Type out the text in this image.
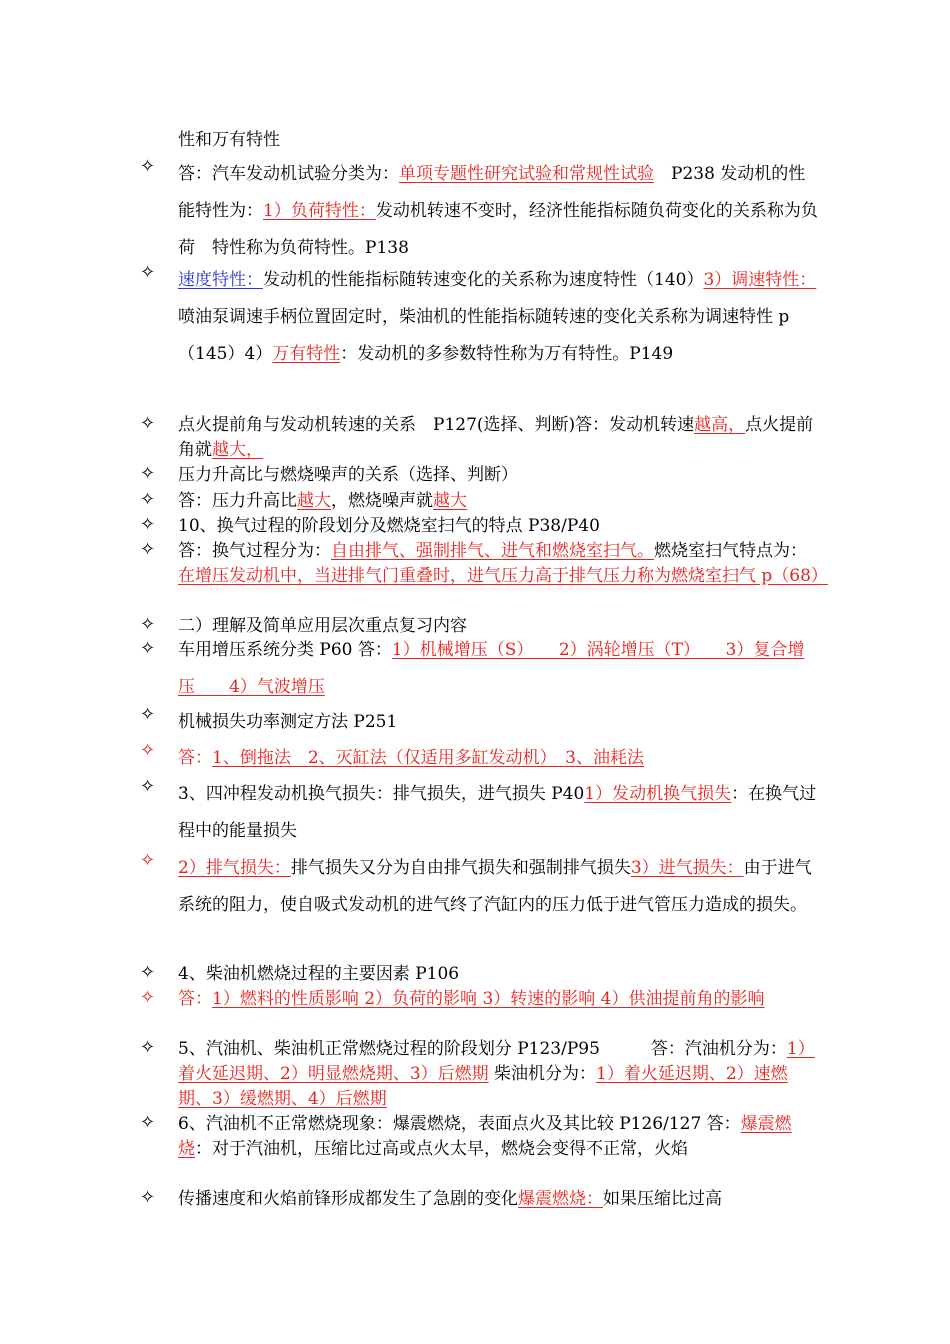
性和万有特性
✧	答：汽车发动机试验分类为：单项专题性研究试验和常规性试验　P238 发动机的性能特性为：1）负荷特性：发动机转速不变时，经济性能指标随负荷变化的关系称为负荷　特性称为负荷特性。P138
✧	速度特性：发动机的性能指标随转速变化的关系称为速度特性（140）3）调速特性：喷油泵调速手柄位置固定时，柴油机的性能指标随转速的变化关系称为调速特性 p（145）4）万有特性：发动机的多参数特性称为万有特性。P149
✧	点火提前角与发动机转速的关系　P127(选择、判断)答：发动机转速越高，点火提前角就越大，
✧	压力升高比与燃烧噪声的关系（选择、判断）
✧	答：压力升高比越大，燃烧噪声就越大
✧	10、换气过程的阶段划分及燃烧室扫气的特点 P38/P40
✧	答：换气过程分为：自由排气、强制排气、进气和燃烧室扫气。燃烧室扫气特点为：在增压发动机中，当进排气门重叠时，进气压力高于排气压力称为燃烧室扫气 p（68）
✧	二）理解及简单应用层次重点复习内容
✧	车用增压系统分类 P60 答：1）机械增压（S）　　2）涡轮增压（T）　　3）复合增压　　4）气波增压
✧	机械损失功率测定方法 P251
✧	答：1、倒拖法　2、灭缸法（仅适用多缸发动机）　3、油耗法
✧	3、四冲程发动机换气损失：排气损失，进气损失 P401）发动机换气损失：在换气过程中的能量损失
✧	2）排气损失：排气损失又分为自由排气损失和强制排气损失3）进气损失：由于进气系统的阻力，使自吸式发动机的进气终了汽缸内的压力低于进气管压力造成的损失。
✧	4、柴油机燃烧过程的主要因素 P106
✧	答：1）燃料的性质影响 2）负荷的影响 3）转速的影响 4）供油提前角的影响
✧	5、汽油机、柴油机正常燃烧过程的阶段划分 P123/P95　　　答：汽油机分为：1）着火延迟期、2）明显燃烧期、3）后燃期 柴油机分为：1）着火延迟期、2）速燃期、3）缓燃期、4）后燃期
✧	6、汽油机不正常燃烧现象：爆震燃烧，表面点火及其比较 P126/127 答：爆震燃烧：对于汽油机，压缩比过高或点火太早，燃烧会变得不正常，火焰
✧	传播速度和火焰前锋形成都发生了急剧的变化爆震燃烧：如果压缩比过高
